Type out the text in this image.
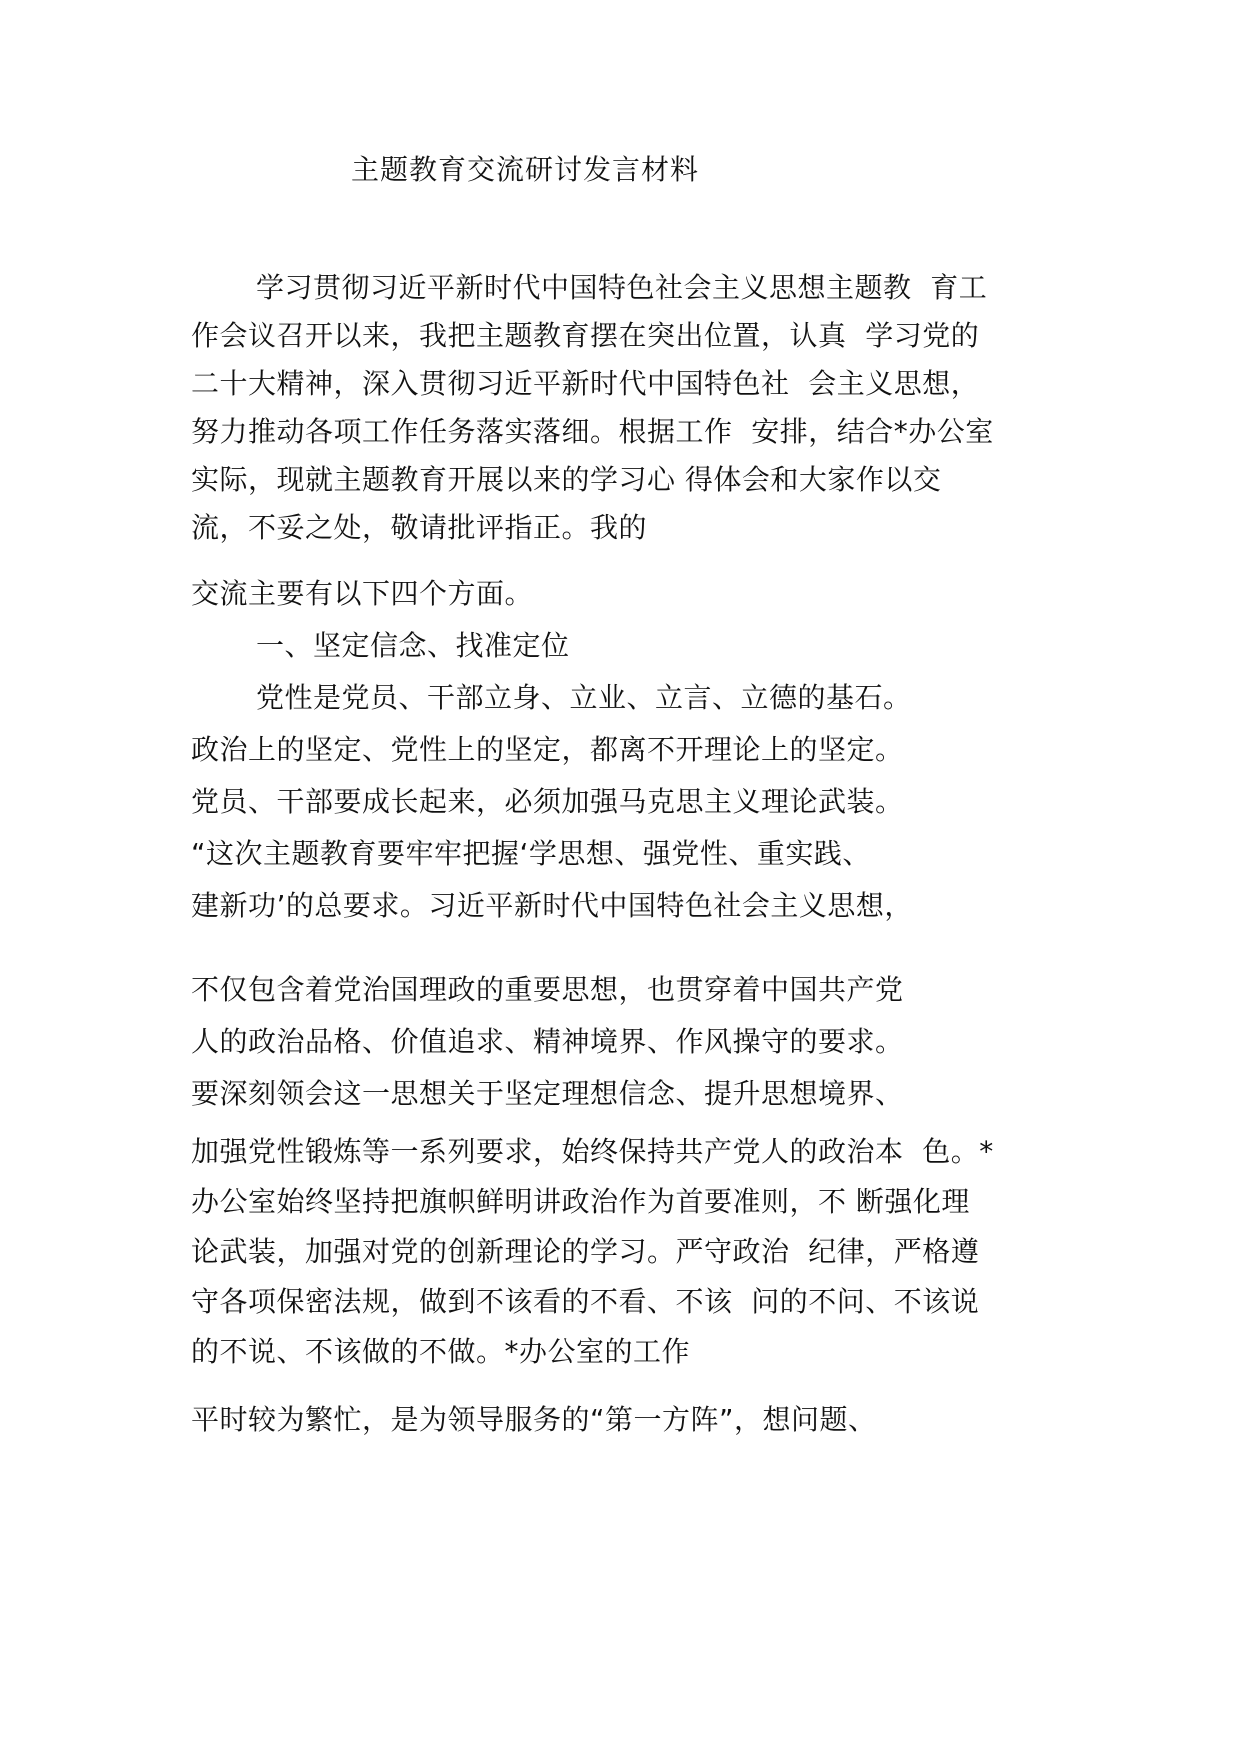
主题教育交流研讨发言材料
学习贯彻习近平新时代中国特色社会主义思想主题教  育工
作会议召开以来，我把主题教育摆在突出位置，认真  学习党的
二十大精神，深入贯彻习近平新时代中国特色社  会主义思想，
努力推动各项工作任务落实落细。根据工作  安排，结合*办公室
实际，现就主题教育开展以来的学习心 得体会和大家作以交
流，不妥之处，敬请批评指正。我的
交流主要有以下四个方面。
一、坚定信念、找准定位
党性是党员、干部立身、立业、立言、立德的基石。
政治上的坚定、党性上的坚定，都离不开理论上的坚定。
党员、干部要成长起来，必须加强马克思主义理论武装。
“这次主题教育要牢牢把握‘学思想、强党性、重实践、
建新功’的总要求。习近平新时代中国特色社会主义思想，
不仅包含着党治国理政的重要思想，也贯穿着中国共产党
人的政治品格、价值追求、精神境界、作风操守的要求。
要深刻领会这一思想关于坚定理想信念、提升思想境界、
加强党性锻炼等一系列要求，始终保持共产党人的政治本  色。*
办公室始终坚持把旗帜鲜明讲政治作为首要准则，不 断强化理
论武装，加强对党的创新理论的学习。严守政治  纪律，严格遵
守各项保密法规，做到不该看的不看、不该  问的不问、不该说
的不说、不该做的不做。*办公室的工作
平时较为繁忙，是为领导服务的“第一方阵”，想问题、
